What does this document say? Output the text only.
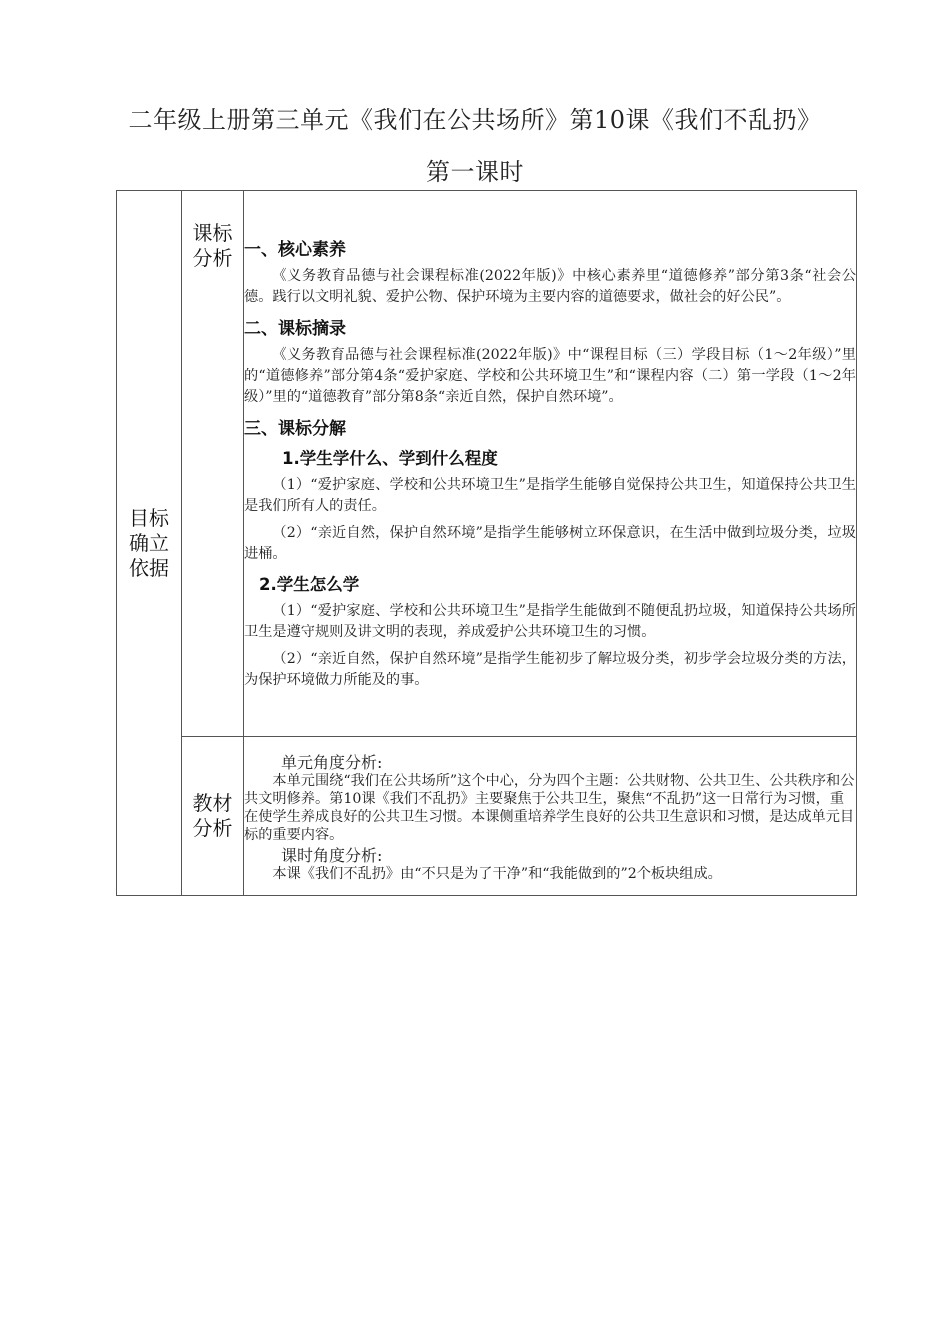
二年级上册第三单元《我们在公共场所》第10课《我们不乱扔》
第一课时
目标确立依据	课标分析	一、核心素养
《义务教育品德与社会课程标准(2022年版)》中核心素养里“道德修养”部分第3条“社会公德。践行以文明礼貌、爱护公物、保护环境为主要内容的道德要求，做社会的好公民”。
二、课标摘录
《义务教育品德与社会课程标准(2022年版)》中“课程目标（三）学段目标（1～2年级）”里的“道德修养”部分第4条“爱护家庭、学校和公共环境卫生”和“课程内容（二）第一学段（1～2年级）”里的“道德教育”部分第8条“亲近自然，保护自然环境”。
三、课标分解
1.学生学什么、学到什么程度
（1）“爱护家庭、学校和公共环境卫生”是指学生能够自觉保持公共卫生，知道保持公共卫生是我们所有人的责任。
（2）“亲近自然，保护自然环境”是指学生能够树立环保意识，在生活中做到垃圾分类，垃圾进桶。
2.学生怎么学
（1）“爱护家庭、学校和公共环境卫生”是指学生能做到不随便乱扔垃圾，知道保持公共场所卫生是遵守规则及讲文明的表现，养成爱护公共环境卫生的习惯。
（2）“亲近自然，保护自然环境”是指学生能初步了解垃圾分类，初步学会垃圾分类的方法，为保护环境做力所能及的事。

	教材分析	单元角度分析:
本单元围绕“我们在公共场所”这个中心，分为四个主题：公共财物、公共卫生、公共秩序和公共文明修养。第10课《我们不乱扔》主要聚焦于公共卫生，聚焦“不乱扔”这一日常行为习惯，重在使学生养成良好的公共卫生习惯。本课侧重培养学生良好的公共卫生意识和习惯，是达成单元目标的重要内容。
课时角度分析:
本课《我们不乱扔》由“不只是为了干净”和“我能做到的”2个板块组成。
